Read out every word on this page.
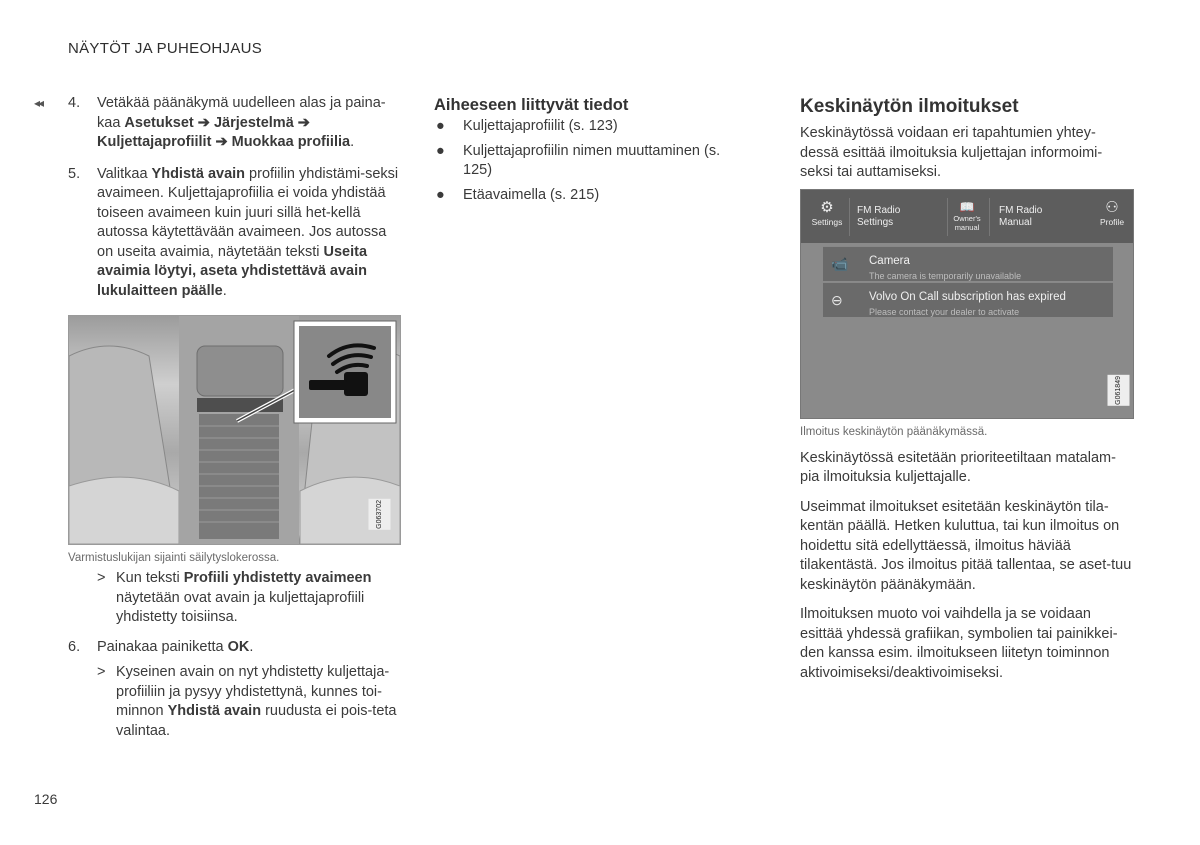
NÄYTÖT JA PUHEOHJAUS
◂◂ 4. Vetäkää päänäkymä uudelleen alas ja paina-kaa Asetukset ➔ Järjestelmä ➔ Kuljettajaprofiilit ➔ Muokkaa profiilia.
5. Valitkaa Yhdistä avain profiilin yhdistämi-seksi avaimeen. Kuljettajaprofiilia ei voida yhdistää toiseen avaimeen kuin juuri sillä het-kellä autossa käytettävään avaimeen. Jos autossa on useita avaimia, näytetään teksti Useita avaimia löytyi, aseta yhdistettävä avain lukulaitteen päälle.
G063702
Varmistuslukijan sijainti säilytyslokerossa.
> Kun teksti Profiili yhdistetty avaimeen näytetään ovat avain ja kuljettajaprofiili yhdistetty toisiinsa.
6. Painakaa painiketta OK.
> Kyseinen avain on nyt yhdistetty kuljettaja-profiiliin ja pysyy yhdistettynä, kunnes toi-minnon Yhdistä avain ruudusta ei pois-teta valintaa.
Aiheeseen liittyvät tiedot
● Kuljettajaprofiilit (s. 123)
● Kuljettajaprofiilin nimen muuttaminen (s. 125)
● Etäavaimella (s. 215)
Keskinäytön ilmoitukset
Keskinäytössä voidaan eri tapahtumien yhtey-dessä esittää ilmoituksia kuljettajan informoimi-seksi tai auttamiseksi.
⚙
Settings
FM Radio
Settings
📖
Owner's
manual
FM Radio
Manual
⚇
Profile
📹 Camera
The camera is temporarily unavailable
⊖ Volvo On Call subscription has expired
Please contact your dealer to activate
G061849
Ilmoitus keskinäytön päänäkymässä.
Keskinäytössä esitetään prioriteetiltaan matalam-pia ilmoituksia kuljettajalle.
Useimmat ilmoitukset esitetään keskinäytön tila-kentän päällä. Hetken kuluttua, tai kun ilmoitus on hoidettu sitä edellyttäessä, ilmoitus häviää tilakentästä. Jos ilmoitus pitää tallentaa, se aset-tuu keskinäytön päänäkymään.
Ilmoituksen muoto voi vaihdella ja se voidaan esittää yhdessä grafiikan, symbolien tai painikkei-den kanssa esim. ilmoitukseen liitetyn toiminnon aktivoimiseksi/deaktivoimiseksi.
126
